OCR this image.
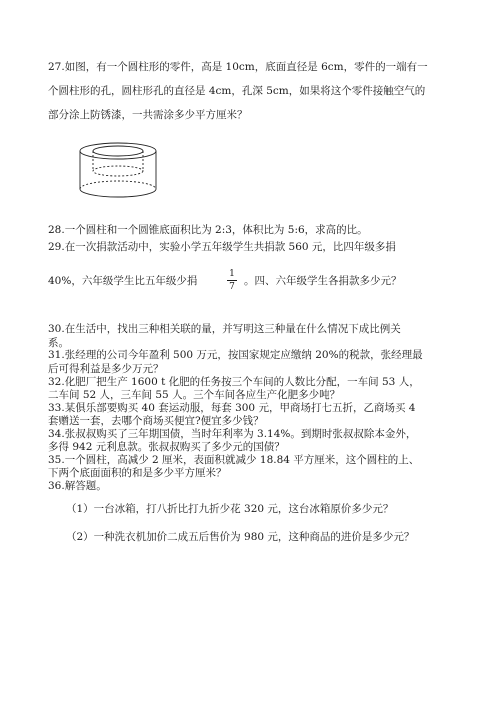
27.如图，有一个圆柱形的零件，高是 10cm，底面直径是 6cm，零件的一端有一
个圆柱形的孔，圆柱形孔的直径是 4cm，孔深 5cm，如果将这个零件接触空气的
部分涂上防锈漆，一共需涂多少平方厘米？
28.一个圆柱和一个圆锥底面积比为 2:3，体积比为 5:6，求高的比。
29.在一次捐款活动中，实验小学五年级学生共捐款 560 元，比四年级多捐
40%，六年级学生比五年级少捐	$\frac{1}{7}$ 。四、六年级学生各捐款多少元？
30.在生活中，找出三种相关联的量，并写明这三种量在什么情况下成比例关
系。
31.张经理的公司今年盈利 500 万元，按国家规定应缴纳 20%的税款，张经理最
后可得利益是多少万元？
32.化肥厂把生产 1600 t 化肥的任务按三个车间的人数比分配，一车间 53 人，
二车间 52 人，三车间 55 人。三个车间各应生产化肥多少吨？
33.某俱乐部要购买 40 套运动服，每套 300 元，甲商场打七五折，乙商场买 4
套赠送一套，去哪个商场买便宜?便宜多少钱？
34.张叔叔购买了三年期国债，当时年利率为 3.14%。到期时张叔叔除本金外，
多得 942 元利息款。张叔叔购买了多少元的国债？
35.一个圆柱，高减少 2 厘米，表面积就减少 18.84 平方厘米，这个圆柱的上、
下两个底面面积的和是多少平方厘米？
36.解答题。
（1）一台冰箱，打八折比打九折少花 320 元，这台冰箱原价多少元？
（2）一种洗衣机加价二成五后售价为 980 元，这种商品的进价是多少元？
